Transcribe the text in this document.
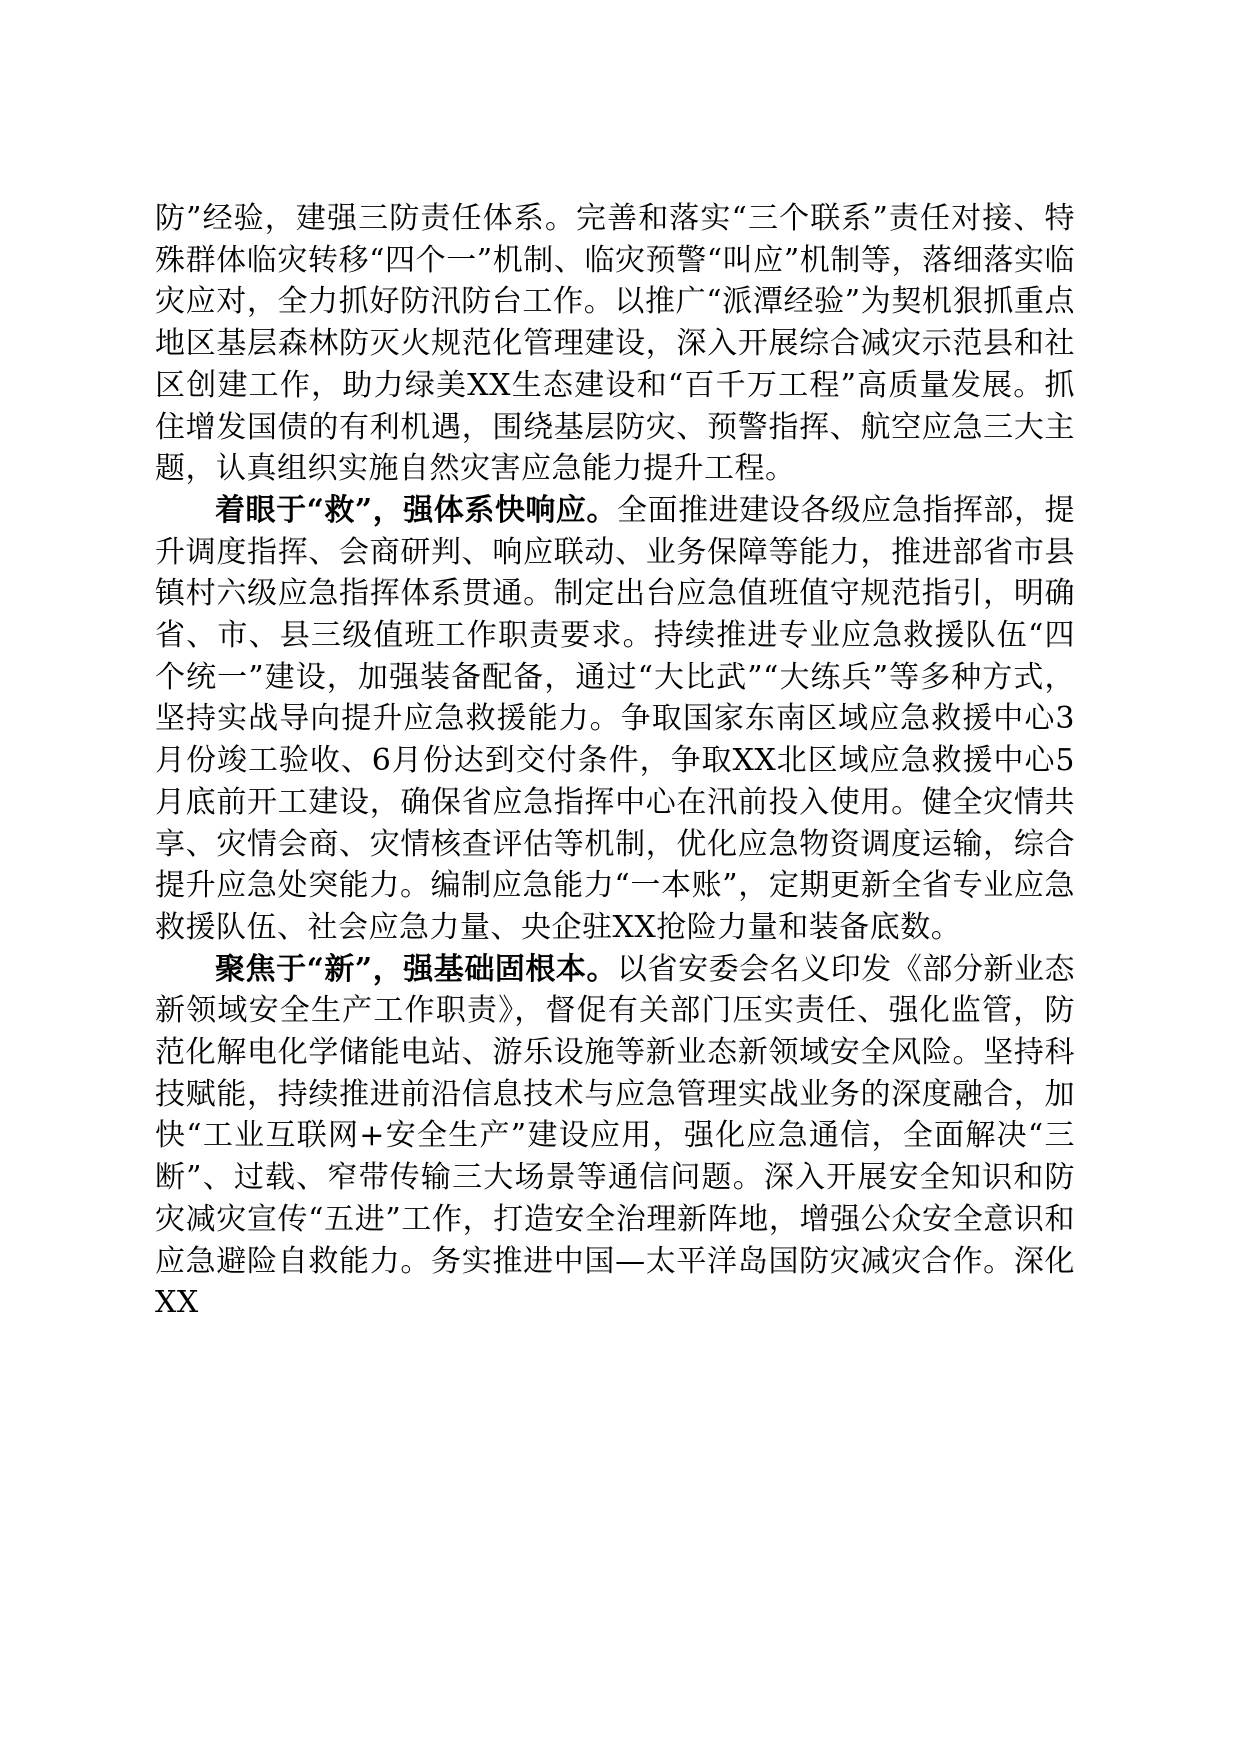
防”经验，建强三防责任体系。完善和落实“三个联系”责任对接、特殊群体临灾转移“四个一”机制、临灾预警“叫应”机制等，落细落实临灾应对，全力抓好防汛防台工作。以推广“派潭经验”为契机狠抓重点地区基层森林防灭火规范化管理建设，深入开展综合减灾示范县和社区创建工作，助力绿美XX生态建设和“百千万工程”高质量发展。抓住增发国债的有利机遇，围绕基层防灾、预警指挥、航空应急三大主题，认真组织实施自然灾害应急能力提升工程。

着眼于“救”，强体系快响应。全面推进建设各级应急指挥部，提升调度指挥、会商研判、响应联动、业务保障等能力，推进部省市县镇村六级应急指挥体系贯通。制定出台应急值班值守规范指引，明确省、市、县三级值班工作职责要求。持续推进专业应急救援队伍“四个统一”建设，加强装备配备，通过“大比武”“大练兵”等多种方式，坚持实战导向提升应急救援能力。争取国家东南区域应急救援中心3月份竣工验收、6月份达到交付条件，争取XX北区域应急救援中心5月底前开工建设，确保省应急指挥中心在汛前投入使用。健全灾情共享、灾情会商、灾情核查评估等机制，优化应急物资调度运输，综合提升应急处突能力。编制应急能力“一本账”，定期更新全省专业应急救援队伍、社会应急力量、央企驻XX抢险力量和装备底数。

聚焦于“新”，强基础固根本。以省安委会名义印发《部分新业态新领域安全生产工作职责》，督促有关部门压实责任、强化监管，防范化解电化学储能电站、游乐设施等新业态新领域安全风险。坚持科技赋能，持续推进前沿信息技术与应急管理实战业务的深度融合，加快“工业互联网+安全生产”建设应用，强化应急通信，全面解决“三断”、过载、窄带传输三大场景等通信问题。深入开展安全知识和防灾减灾宣传“五进”工作，打造安全治理新阵地，增强公众安全意识和应急避险自救能力。务实推进中国—太平洋岛国防灾减灾合作。深化XX
